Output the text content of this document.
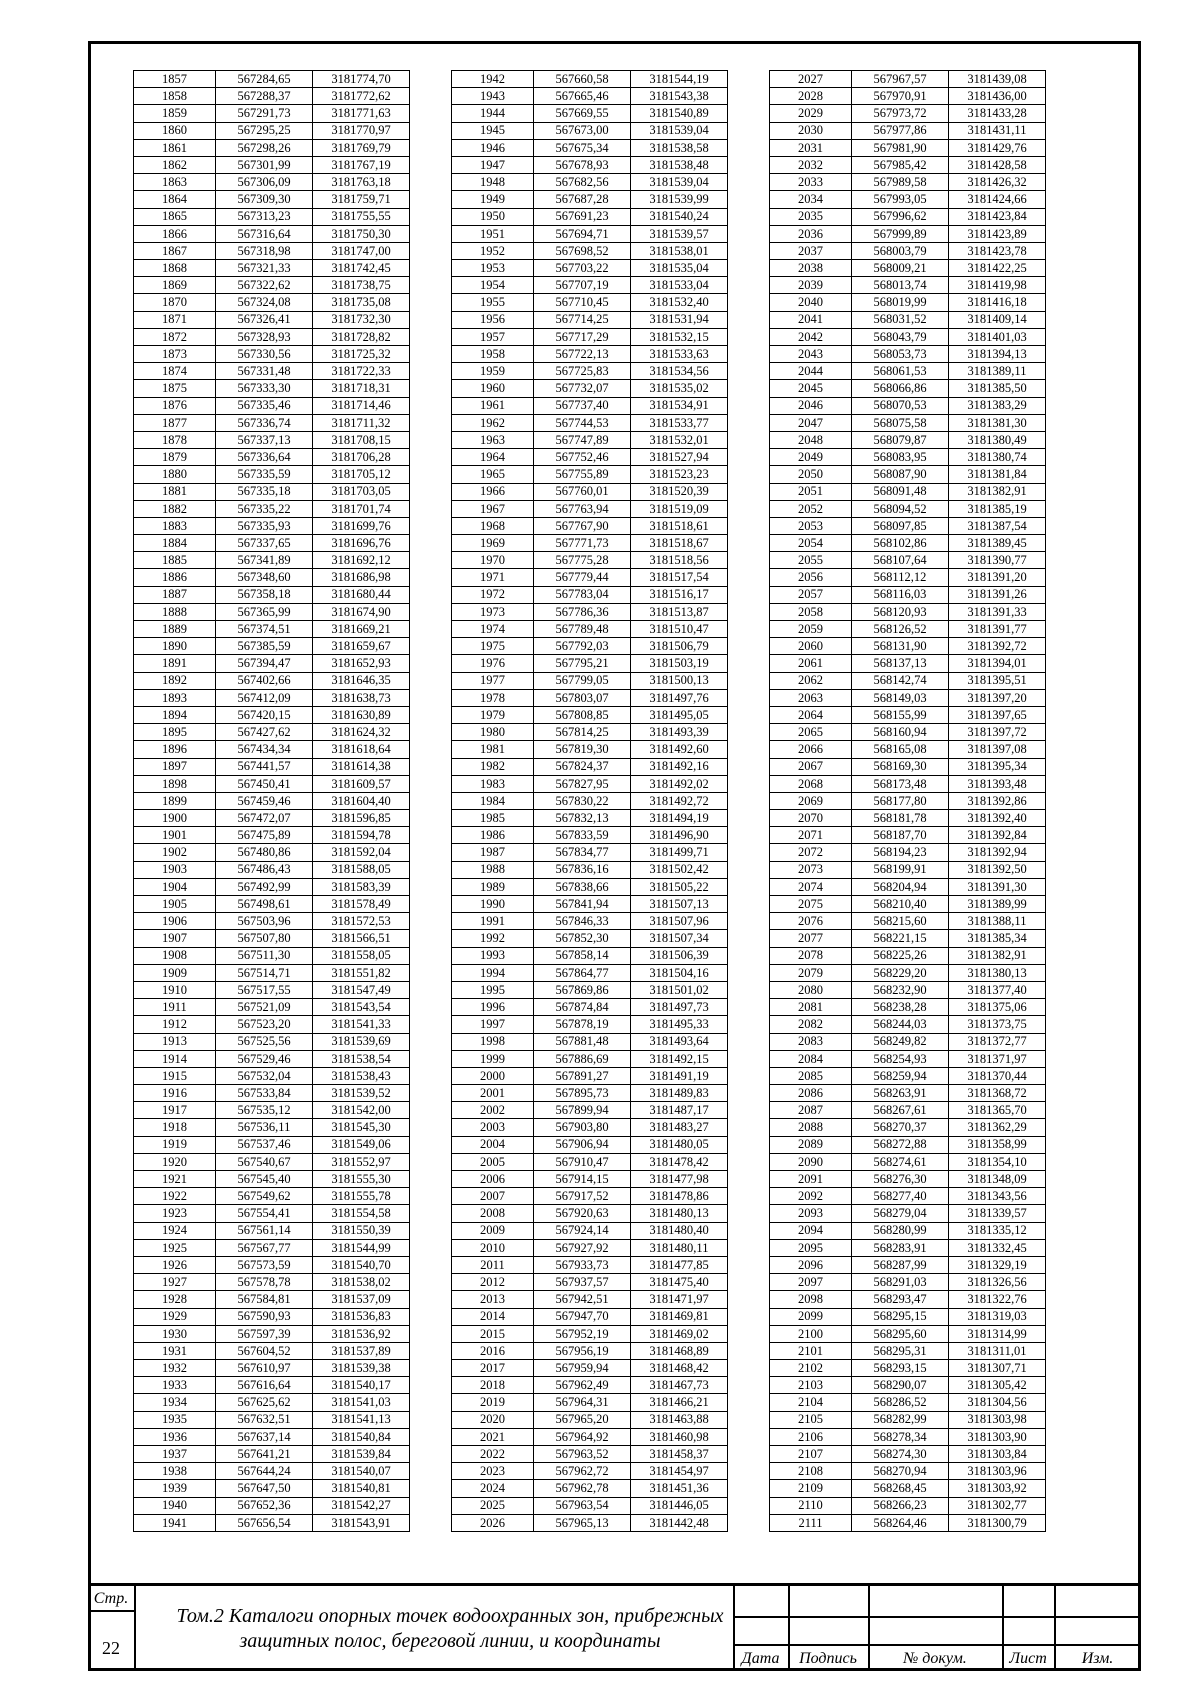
1857	567284,65	3181774,70
1858	567288,37	3181772,62
1859	567291,73	3181771,63
1860	567295,25	3181770,97
1861	567298,26	3181769,79
1862	567301,99	3181767,19
1863	567306,09	3181763,18
1864	567309,30	3181759,71
1865	567313,23	3181755,55
1866	567316,64	3181750,30
1867	567318,98	3181747,00
1868	567321,33	3181742,45
1869	567322,62	3181738,75
1870	567324,08	3181735,08
1871	567326,41	3181732,30
1872	567328,93	3181728,82
1873	567330,56	3181725,32
1874	567331,48	3181722,33
1875	567333,30	3181718,31
1876	567335,46	3181714,46
1877	567336,74	3181711,32
1878	567337,13	3181708,15
1879	567336,64	3181706,28
1880	567335,59	3181705,12
1881	567335,18	3181703,05
1882	567335,22	3181701,74
1883	567335,93	3181699,76
1884	567337,65	3181696,76
1885	567341,89	3181692,12
1886	567348,60	3181686,98
1887	567358,18	3181680,44
1888	567365,99	3181674,90
1889	567374,51	3181669,21
1890	567385,59	3181659,67
1891	567394,47	3181652,93
1892	567402,66	3181646,35
1893	567412,09	3181638,73
1894	567420,15	3181630,89
1895	567427,62	3181624,32
1896	567434,34	3181618,64
1897	567441,57	3181614,38
1898	567450,41	3181609,57
1899	567459,46	3181604,40
1900	567472,07	3181596,85
1901	567475,89	3181594,78
1902	567480,86	3181592,04
1903	567486,43	3181588,05
1904	567492,99	3181583,39
1905	567498,61	3181578,49
1906	567503,96	3181572,53
1907	567507,80	3181566,51
1908	567511,30	3181558,05
1909	567514,71	3181551,82
1910	567517,55	3181547,49
1911	567521,09	3181543,54
1912	567523,20	3181541,33
1913	567525,56	3181539,69
1914	567529,46	3181538,54
1915	567532,04	3181538,43
1916	567533,84	3181539,52
1917	567535,12	3181542,00
1918	567536,11	3181545,30
1919	567537,46	3181549,06
1920	567540,67	3181552,97
1921	567545,40	3181555,30
1922	567549,62	3181555,78
1923	567554,41	3181554,58
1924	567561,14	3181550,39
1925	567567,77	3181544,99
1926	567573,59	3181540,70
1927	567578,78	3181538,02
1928	567584,81	3181537,09
1929	567590,93	3181536,83
1930	567597,39	3181536,92
1931	567604,52	3181537,89
1932	567610,97	3181539,38
1933	567616,64	3181540,17
1934	567625,62	3181541,03
1935	567632,51	3181541,13
1936	567637,14	3181540,84
1937	567641,21	3181539,84
1938	567644,24	3181540,07
1939	567647,50	3181540,81
1940	567652,36	3181542,27
1941	567656,54	3181543,91
1942	567660,58	3181544,19
1943	567665,46	3181543,38
1944	567669,55	3181540,89
1945	567673,00	3181539,04
1946	567675,34	3181538,58
1947	567678,93	3181538,48
1948	567682,56	3181539,04
1949	567687,28	3181539,99
1950	567691,23	3181540,24
1951	567694,71	3181539,57
1952	567698,52	3181538,01
1953	567703,22	3181535,04
1954	567707,19	3181533,04
1955	567710,45	3181532,40
1956	567714,25	3181531,94
1957	567717,29	3181532,15
1958	567722,13	3181533,63
1959	567725,83	3181534,56
1960	567732,07	3181535,02
1961	567737,40	3181534,91
1962	567744,53	3181533,77
1963	567747,89	3181532,01
1964	567752,46	3181527,94
1965	567755,89	3181523,23
1966	567760,01	3181520,39
1967	567763,94	3181519,09
1968	567767,90	3181518,61
1969	567771,73	3181518,67
1970	567775,28	3181518,56
1971	567779,44	3181517,54
1972	567783,04	3181516,17
1973	567786,36	3181513,87
1974	567789,48	3181510,47
1975	567792,03	3181506,79
1976	567795,21	3181503,19
1977	567799,05	3181500,13
1978	567803,07	3181497,76
1979	567808,85	3181495,05
1980	567814,25	3181493,39
1981	567819,30	3181492,60
1982	567824,37	3181492,16
1983	567827,95	3181492,02
1984	567830,22	3181492,72
1985	567832,13	3181494,19
1986	567833,59	3181496,90
1987	567834,77	3181499,71
1988	567836,16	3181502,42
1989	567838,66	3181505,22
1990	567841,94	3181507,13
1991	567846,33	3181507,96
1992	567852,30	3181507,34
1993	567858,14	3181506,39
1994	567864,77	3181504,16
1995	567869,86	3181501,02
1996	567874,84	3181497,73
1997	567878,19	3181495,33
1998	567881,48	3181493,64
1999	567886,69	3181492,15
2000	567891,27	3181491,19
2001	567895,73	3181489,83
2002	567899,94	3181487,17
2003	567903,80	3181483,27
2004	567906,94	3181480,05
2005	567910,47	3181478,42
2006	567914,15	3181477,98
2007	567917,52	3181478,86
2008	567920,63	3181480,13
2009	567924,14	3181480,40
2010	567927,92	3181480,11
2011	567933,73	3181477,85
2012	567937,57	3181475,40
2013	567942,51	3181471,97
2014	567947,70	3181469,81
2015	567952,19	3181469,02
2016	567956,19	3181468,89
2017	567959,94	3181468,42
2018	567962,49	3181467,73
2019	567964,31	3181466,21
2020	567965,20	3181463,88
2021	567964,92	3181460,98
2022	567963,52	3181458,37
2023	567962,72	3181454,97
2024	567962,78	3181451,36
2025	567963,54	3181446,05
2026	567965,13	3181442,48
2027	567967,57	3181439,08
2028	567970,91	3181436,00
2029	567973,72	3181433,28
2030	567977,86	3181431,11
2031	567981,90	3181429,76
2032	567985,42	3181428,58
2033	567989,58	3181426,32
2034	567993,05	3181424,66
2035	567996,62	3181423,84
2036	567999,89	3181423,89
2037	568003,79	3181423,78
2038	568009,21	3181422,25
2039	568013,74	3181419,98
2040	568019,99	3181416,18
2041	568031,52	3181409,14
2042	568043,79	3181401,03
2043	568053,73	3181394,13
2044	568061,53	3181389,11
2045	568066,86	3181385,50
2046	568070,53	3181383,29
2047	568075,58	3181381,30
2048	568079,87	3181380,49
2049	568083,95	3181380,74
2050	568087,90	3181381,84
2051	568091,48	3181382,91
2052	568094,52	3181385,19
2053	568097,85	3181387,54
2054	568102,86	3181389,45
2055	568107,64	3181390,77
2056	568112,12	3181391,20
2057	568116,03	3181391,26
2058	568120,93	3181391,33
2059	568126,52	3181391,77
2060	568131,90	3181392,72
2061	568137,13	3181394,01
2062	568142,74	3181395,51
2063	568149,03	3181397,20
2064	568155,99	3181397,65
2065	568160,94	3181397,72
2066	568165,08	3181397,08
2067	568169,30	3181395,34
2068	568173,48	3181393,48
2069	568177,80	3181392,86
2070	568181,78	3181392,40
2071	568187,70	3181392,84
2072	568194,23	3181392,94
2073	568199,91	3181392,50
2074	568204,94	3181391,30
2075	568210,40	3181389,99
2076	568215,60	3181388,11
2077	568221,15	3181385,34
2078	568225,26	3181382,91
2079	568229,20	3181380,13
2080	568232,90	3181377,40
2081	568238,28	3181375,06
2082	568244,03	3181373,75
2083	568249,82	3181372,77
2084	568254,93	3181371,97
2085	568259,94	3181370,44
2086	568263,91	3181368,72
2087	568267,61	3181365,70
2088	568270,37	3181362,29
2089	568272,88	3181358,99
2090	568274,61	3181354,10
2091	568276,30	3181348,09
2092	568277,40	3181343,56
2093	568279,04	3181339,57
2094	568280,99	3181335,12
2095	568283,91	3181332,45
2096	568287,99	3181329,19
2097	568291,03	3181326,56
2098	568293,47	3181322,76
2099	568295,15	3181319,03
2100	568295,60	3181314,99
2101	568295,31	3181311,01
2102	568293,15	3181307,71
2103	568290,07	3181305,42
2104	568286,52	3181304,56
2105	568282,99	3181303,98
2106	568278,34	3181303,90
2107	568274,30	3181303,84
2108	568270,94	3181303,96
2109	568268,45	3181303,92
2110	568266,23	3181302,77
2111	568264,46	3181300,79
Стр.
22
Том.2 Каталоги опорных точек водоохранных зон, прибрежных
защитных полос, береговой линии, и координаты
Дата	Подпись	№ докум.	Лист	Изм.
